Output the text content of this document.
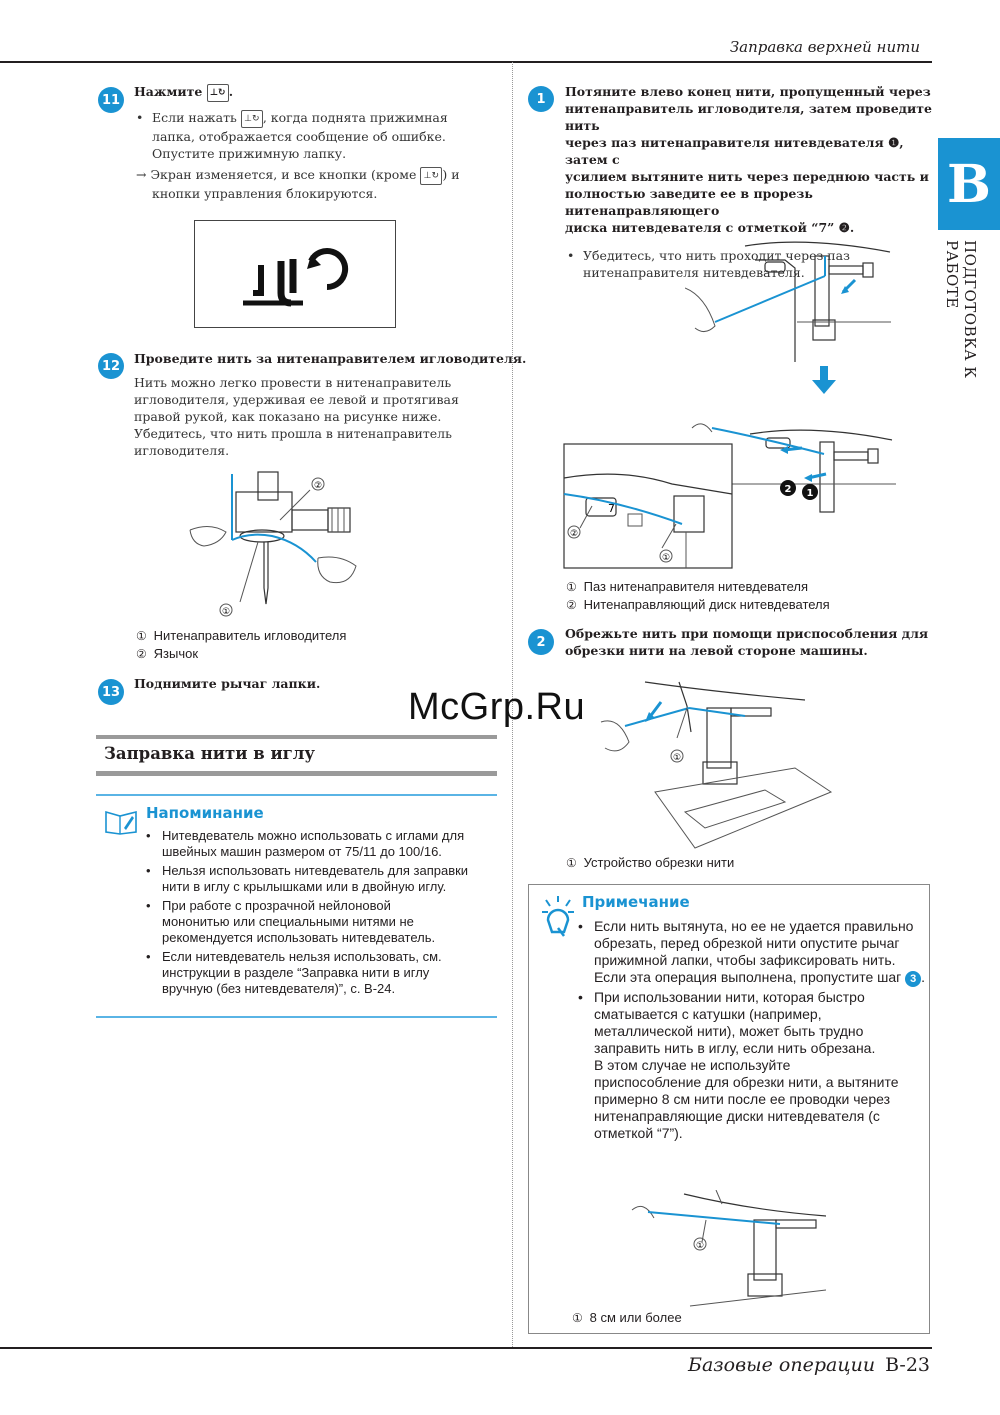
Заправка верхней нити
B
ПОДГОТОВКА К РАБОТЕ
11
Нажмите ⊥↻ .
• Если нажать ⊥↻ , когда поднята прижимная
лапка, отображается сообщение об ошибке.
Опустите прижимную лапку.
→ Экран изменяется, и все кнопки (кроме ⊥↻ ) и
кнопки управления блокируются.
12	Проведите нить за нитенаправителем игловодителя.
Нить можно легко провести в нитенаправитель
игловодителя, удерживая ее левой и протягивая
правой рукой, как показано на рисунке ниже.
Убедитесь, что нить прошла в нитенаправитель
игловодителя.
②
①
① Нитенаправитель игловодителя
② Язычок
13
Поднимите рычаг лапки.
McGrp.Ru
Заправка нити в иглу
Напоминание
• Нитевдеватель можно использовать с иглами для
швейных машин размером от 75/11 до 100/16.
• Нельзя использовать нитевдеватель для заправки
нити в иглу с крылышками или в двойную иглу.
• При работе с прозрачной нейлоновой
мононитью или специальными нитями не
рекомендуется использовать нитевдеватель.
• Если нитевдеватель нельзя использовать, см.
инструкции в разделе “Заправка нити в иглу
вручную (без нитевдевателя)”, с. B-24.
1	Потяните влево конец нити, пропущенный через
нитенаправитель игловодителя, затем проведите нить
через паз нитенаправителя нитевдевателя ❶, затем с
усилием вытяните нить через переднюю часть и
полностью заведите ее в прорезь нитенаправляющего
диска нитевдевателя с отметкой “7” ❷.
• Убедитесь, что нить проходит через паз
нитенаправителя нитевдевателя.
2 1
7
②
①
① Паз нитенаправителя нитевдевателя
② Нитенаправляющий диск нитевдевателя
2
Обрежьте нить при помощи приспособления для
обрезки нити на левой стороне машины.
①
① Устройство обрезки нити
Примечание
• Если нить вытянута, но ее не удается правильно
обрезать, перед обрезкой нити опустите рычаг
прижимной лапки, чтобы зафиксировать нить.
Если эта операция выполнена, пропустите шаг 3 .
• При использовании нити, которая быстро
сматывается с катушки (например,
металлической нити), может быть трудно
заправить нить в иглу, если нить обрезана.
В этом случае не используйте
приспособление для обрезки нити, а вытяните
примерно 8 см нити после ее проводки через
нитенаправляющие диски нитевдевателя (с
отметкой “7”).
①
① 8 см или более
Базовые операции B-23
